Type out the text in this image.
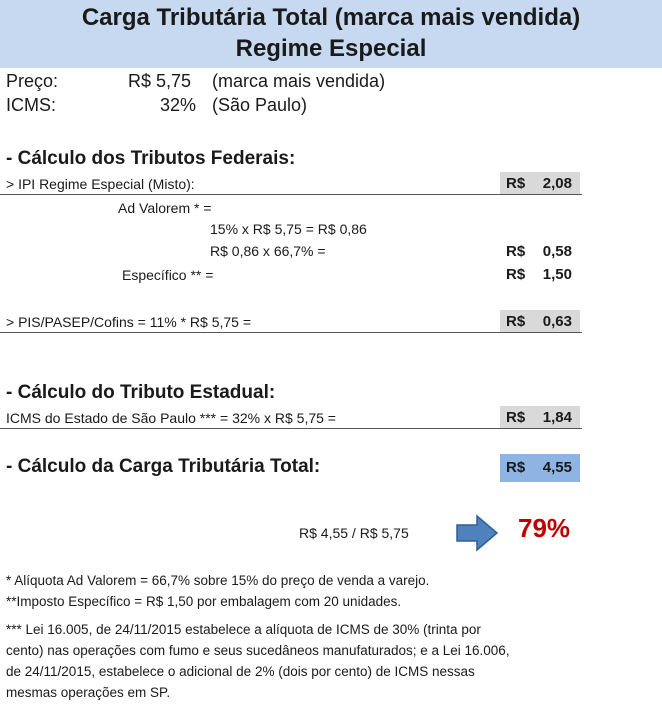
Carga Tributária Total (marca mais vendida)
Regime Especial
Preço:	R$ 5,75 (marca mais vendida)
ICMS:	32% (São Paulo)
- Cálculo dos Tributos Federais:
> IPI Regime Especial (Misto):	R$ 2,08
Ad Valorem * =
15% x R$ 5,75 = R$ 0,86
R$ 0,86 x 66,7% =	R$ 0,58
Específico ** =	R$ 1,50
> PIS/PASEP/Cofins = 11% * R$ 5,75 =	R$ 0,63
- Cálculo do Tributo Estadual:
ICMS do Estado de São Paulo *** = 32% x R$ 5,75 =	R$ 1,84
- Cálculo da Carga Tributária Total:	R$ 4,55
R$ 4,55 / R$ 5,75	79%
* Alíquota Ad Valorem = 66,7% sobre 15% do preço de venda a varejo.
**Imposto Específico = R$ 1,50 por embalagem com 20 unidades.
*** Lei 16.005, de 24/11/2015 estabelece a alíquota de ICMS de 30% (trinta por
cento) nas operações com fumo e seus sucedâneos manufaturados; e a Lei 16.006,
de 24/11/2015, estabelece o adicional de 2% (dois por cento) de ICMS nessas
mesmas operações em SP.
